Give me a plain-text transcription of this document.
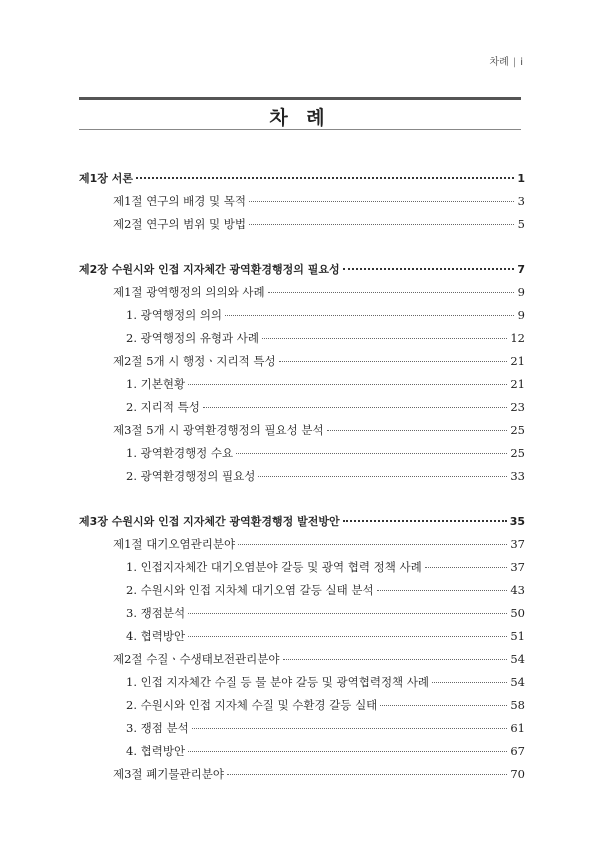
차례 | i
차 례
제1장 서론	1
제1절 연구의 배경 및 목적	3
제2절 연구의 범위 및 방법	5
제2장 수원시와 인접 지자체간 광역환경행정의 필요성	7
제1절 광역행정의 의의와 사례	9
1. 광역행정의 의의	9
2. 광역행정의 유형과 사례	12
제2절 5개 시 행정ㆍ지리적 특성	21
1. 기본현황	21
2. 지리적 특성	23
제3절 5개 시 광역환경행정의 필요성 분석	25
1. 광역환경행정 수요	25
2. 광역환경행정의 필요성	33
제3장 수원시와 인접 지자체간 광역환경행정 발전방안	35
제1절 대기오염관리분야	37
1. 인접지자체간 대기오염분야 갈등 및 광역 협력 정책 사례	37
2. 수원시와 인접 지차체 대기오염 갈등 실태 분석	43
3. 쟁점분석	50
4. 협력방안	51
제2절 수질ㆍ수생태보전관리분야	54
1. 인접 지자체간 수질 등 물 분야 갈등 및 광역협력정책 사례	54
2. 수원시와 인접 지자체 수질 및 수환경 갈등 실태	58
3. 쟁점 분석	61
4. 협력방안	67
제3절 폐기물관리분야	70
